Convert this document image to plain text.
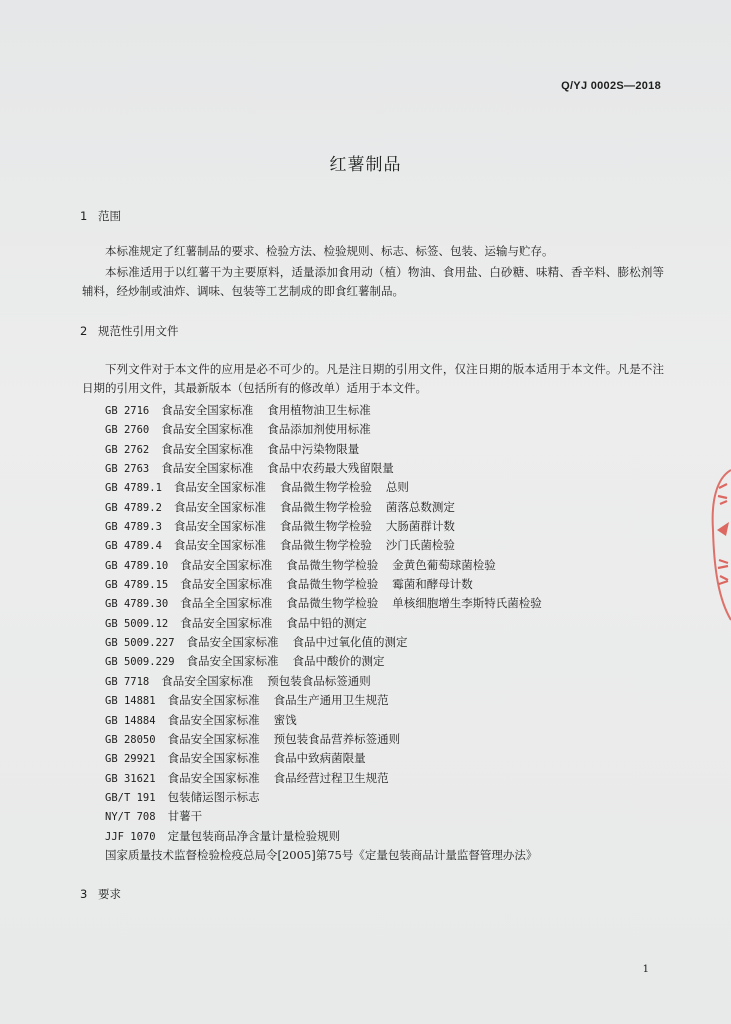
Q/YJ 0002S—2018
红薯制品
1 范围
本标准规定了红薯制品的要求、检验方法、检验规则、标志、标签、包装、运输与贮存。
本标准适用于以红薯干为主要原料，适量添加食用动（植）物油、食用盐、白砂糖、味精、香辛料、膨松剂等辅料，经炒制或油炸、调味、包装等工艺制成的即食红薯制品。
2 规范性引用文件
下列文件对于本文件的应用是必不可少的。凡是注日期的引用文件，仅注日期的版本适用于本文件。凡是不注日期的引用文件，其最新版本（包括所有的修改单）适用于本文件。
GB 2716 食品安全国家标准 食用植物油卫生标准
GB 2760 食品安全国家标准 食品添加剂使用标准
GB 2762 食品安全国家标准 食品中污染物限量
GB 2763 食品安全国家标准 食品中农药最大残留限量
GB 4789.1 食品安全国家标准 食品微生物学检验 总则
GB 4789.2 食品安全国家标准 食品微生物学检验 菌落总数测定
GB 4789.3 食品安全国家标准 食品微生物学检验 大肠菌群计数
GB 4789.4 食品安全国家标准 食品微生物学检验 沙门氏菌检验
GB 4789.10 食品安全国家标准 食品微生物学检验 金黄色葡萄球菌检验
GB 4789.15 食品安全国家标准 食品微生物学检验 霉菌和酵母计数
GB 4789.30 食品全全国家标准 食品微生物学检验 单核细胞增生李斯特氏菌检验
GB 5009.12 食品安全国家标准 食品中铅的测定
GB 5009.227 食品安全国家标准 食品中过氧化值的测定
GB 5009.229 食品安全国家标准 食品中酸价的测定
GB 7718 食品安全国家标准 预包装食品标签通则
GB 14881 食品安全国家标准 食品生产通用卫生规范
GB 14884 食品安全国家标准 蜜饯
GB 28050 食品安全国家标准 预包装食品营养标签通则
GB 29921 食品安全国家标准 食品中致病菌限量
GB 31621 食品安全国家标准 食品经营过程卫生规范
GB/T 191 包装储运图示标志
NY/T 708 甘薯干
JJF 1070 定量包装商品净含量计量检验规则
国家质量技术监督检验检疫总局令[2005]第75号《定量包装商品计量监督管理办法》
3 要求
1
